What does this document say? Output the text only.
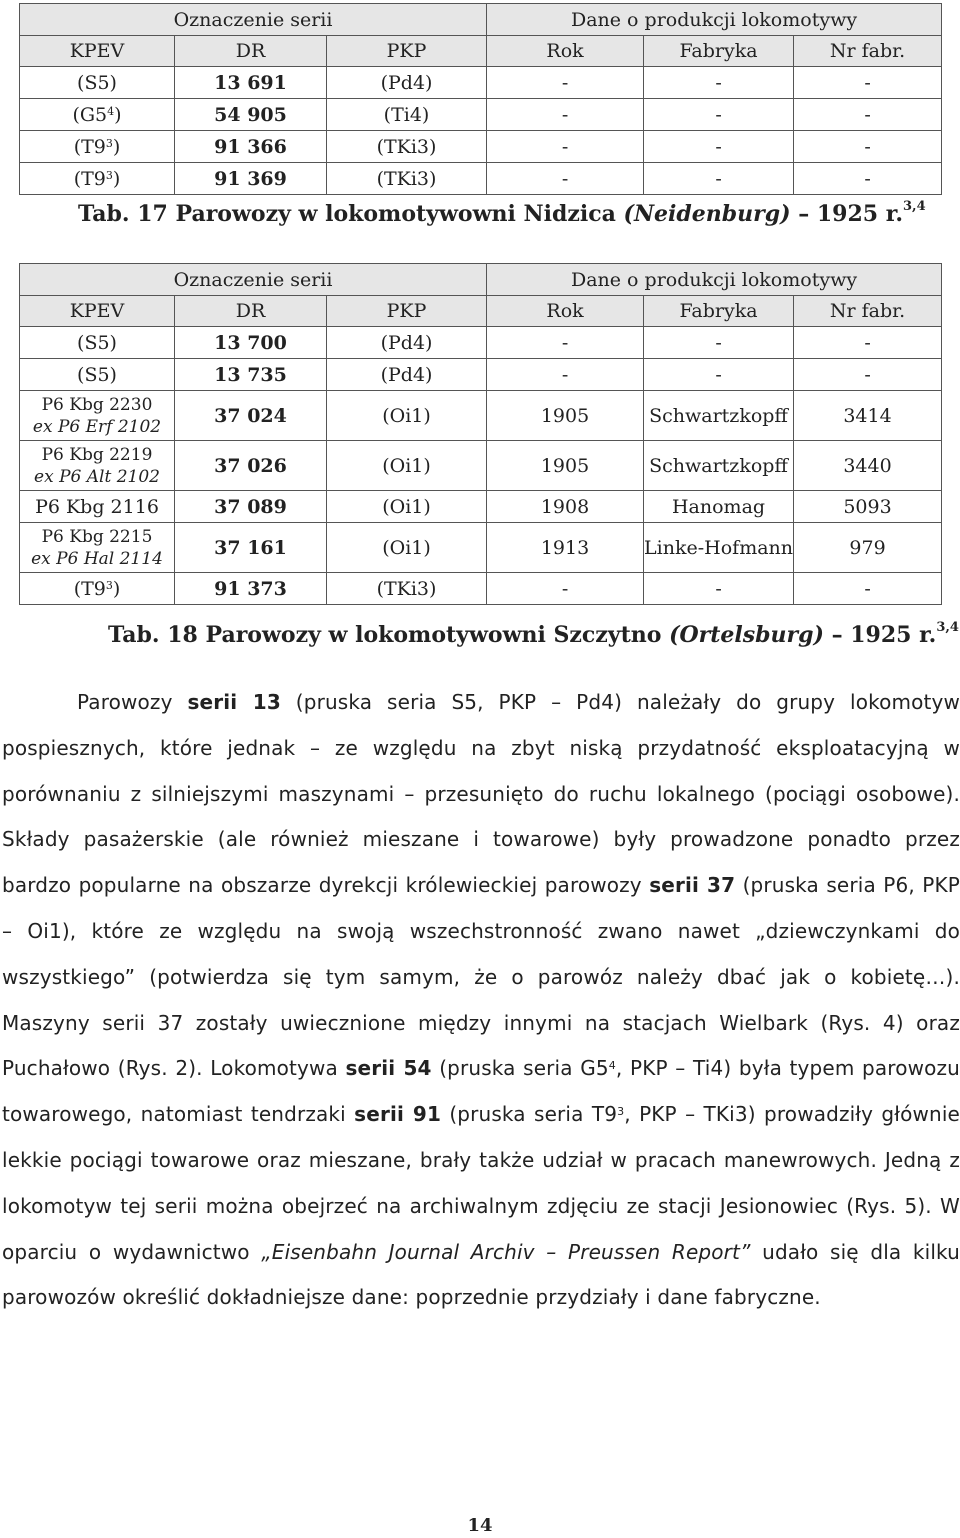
Oznaczenie serii			Dane o produkcji lokomotywy		
KPEV	DR	PKP	Rok	Fabryka	Nr fabr.
(S5)	13 691	(Pd4)	-	-	-
$(G5^4)$	54 905	(Ti4)	-	-	-
$(T9^3)$	91 366	(TKi3)	-	-	-
$(T9^3)$	91 369	(TKi3)	-	-	-
Tab. 17 Parowozy w lokomotywowni Nidzica (Neidenburg) – 1925 r.$^{3,4}$
Oznaczenie serii			Dane o produkcji lokomotywy		
KPEV	DR	PKP	Rok	Fabryka	Nr fabr.
(S5)	13 700	(Pd4)	-	-	-
(S5)	13 735	(Pd4)	-	-	-
P6 Kbg 2230
ex P6 Erf 2102	37 024	(Oi1)	1905	Schwartzkopff	3414
P6 Kbg 2219
ex P6 Alt 2102	37 026	(Oi1)	1905	Schwartzkopff	3440
P6 Kbg 2116	37 089	(Oi1)	1908	Hanomag	5093
P6 Kbg 2215
ex P6 Hal 2114	37 161	(Oi1)	1913	Linke-Hofmann	979
$(T9^3)$	91 373	(TKi3)	-	-	-
Tab. 18 Parowozy w lokomotywowni Szczytno (Ortelsburg) – 1925 r.$^{3,4}$

Parowozy serii 13 (pruska seria S5, PKP – Pd4) należały do grupy lokomotyw pospiesznych, które jednak – ze względu na zbyt niską przydatność eksploatacyjną w porównaniu z silniejszymi maszynami – przesunięto do ruchu lokalnego (pociągi osobowe). Składy pasażerskie (ale również mieszane i towarowe) były prowadzone ponadto przez bardzo popularne na obszarze dyrekcji królewieckiej parowozy serii 37 (pruska seria P6, PKP – Oi1), które ze względu na swoją wszechstronność zwano nawet „dziewczynkami do wszystkiego” (potwierdza się tym samym, że o parowóz należy dbać jak o kobietę…). Maszyny serii 37 zostały uwiecznione między innymi na stacjach Wielbark (Rys. 4) oraz Puchałowo (Rys. 2). Lokomotywa serii 54 (pruska seria $G5^4$, PKP – Ti4) była typem parowozu towarowego, natomiast tendrzaki serii 91 (pruska seria $T9^3$, PKP – TKi3) prowadziły głównie lekkie pociągi towarowe oraz mieszane, brały także udział w pracach manewrowych. Jedną z lokomotyw tej serii można obejrzeć na archiwalnym zdjęciu ze stacji Jesionowiec (Rys. 5). W oparciu o wydawnictwo „Eisenbahn Journal Archiv – Preussen Report” udało się dla kilku parowozów określić dokładniejsze dane: poprzednie przydziały i dane fabryczne.

14
